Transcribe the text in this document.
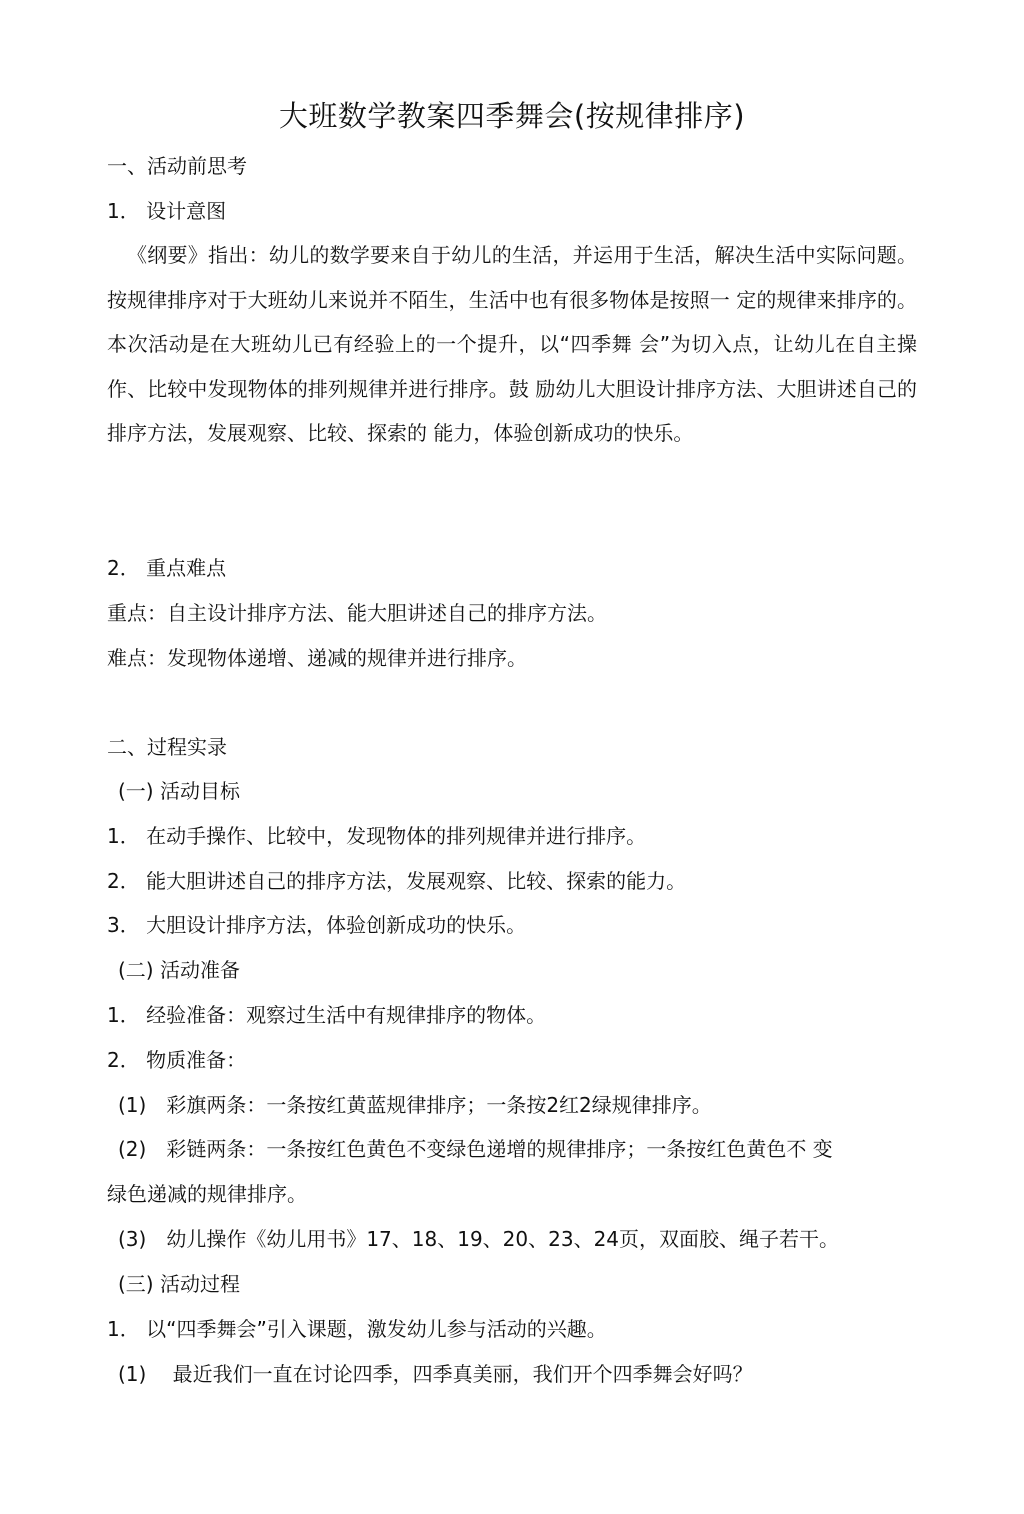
大班数学教案四季舞会(按规律排序)
一、活动前思考
1． 设计意图
《纲要》指出：幼儿的数学要来自于幼儿的生活，并运用于生活，解决生活中实际问题。按规律排序对于大班幼儿来说并不陌生，生活中也有很多物体是按照一 定的规律来排序的。本次活动是在大班幼儿已有经验上的一个提升，以“四季舞 会”为切入点，让幼儿在自主操作、比较中发现物体的排列规律并进行排序。鼓 励幼儿大胆设计排序方法、大胆讲述自己的排序方法，发展观察、比较、探索的 能力，体验创新成功的快乐。
2． 重点难点
重点：自主设计排序方法、能大胆讲述自己的排序方法。
难点：发现物体递增、递减的规律并进行排序。
二、过程实录
(一) 活动目标
1． 在动手操作、比较中，发现物体的排列规律并进行排序。
2． 能大胆讲述自己的排序方法，发展观察、比较、探索的能力。
3． 大胆设计排序方法，体验创新成功的快乐。
(二) 活动准备
1． 经验准备：观察过生活中有规律排序的物体。
2． 物质准备：
(1)　彩旗两条：一条按红黄蓝规律排序；一条按2红2绿规律排序。
(2)　彩链两条：一条按红色黄色不变绿色递增的规律排序；一条按红色黄色不 变
绿色递减的规律排序。
(3)　幼儿操作《幼儿用书》17、18、19、20、23、24页，双面胶、绳子若干。
(三) 活动过程
1． 以“四季舞会”引入课题，激发幼儿参与活动的兴趣。
(1)　 最近我们一直在讨论四季，四季真美丽，我们开个四季舞会好吗？
